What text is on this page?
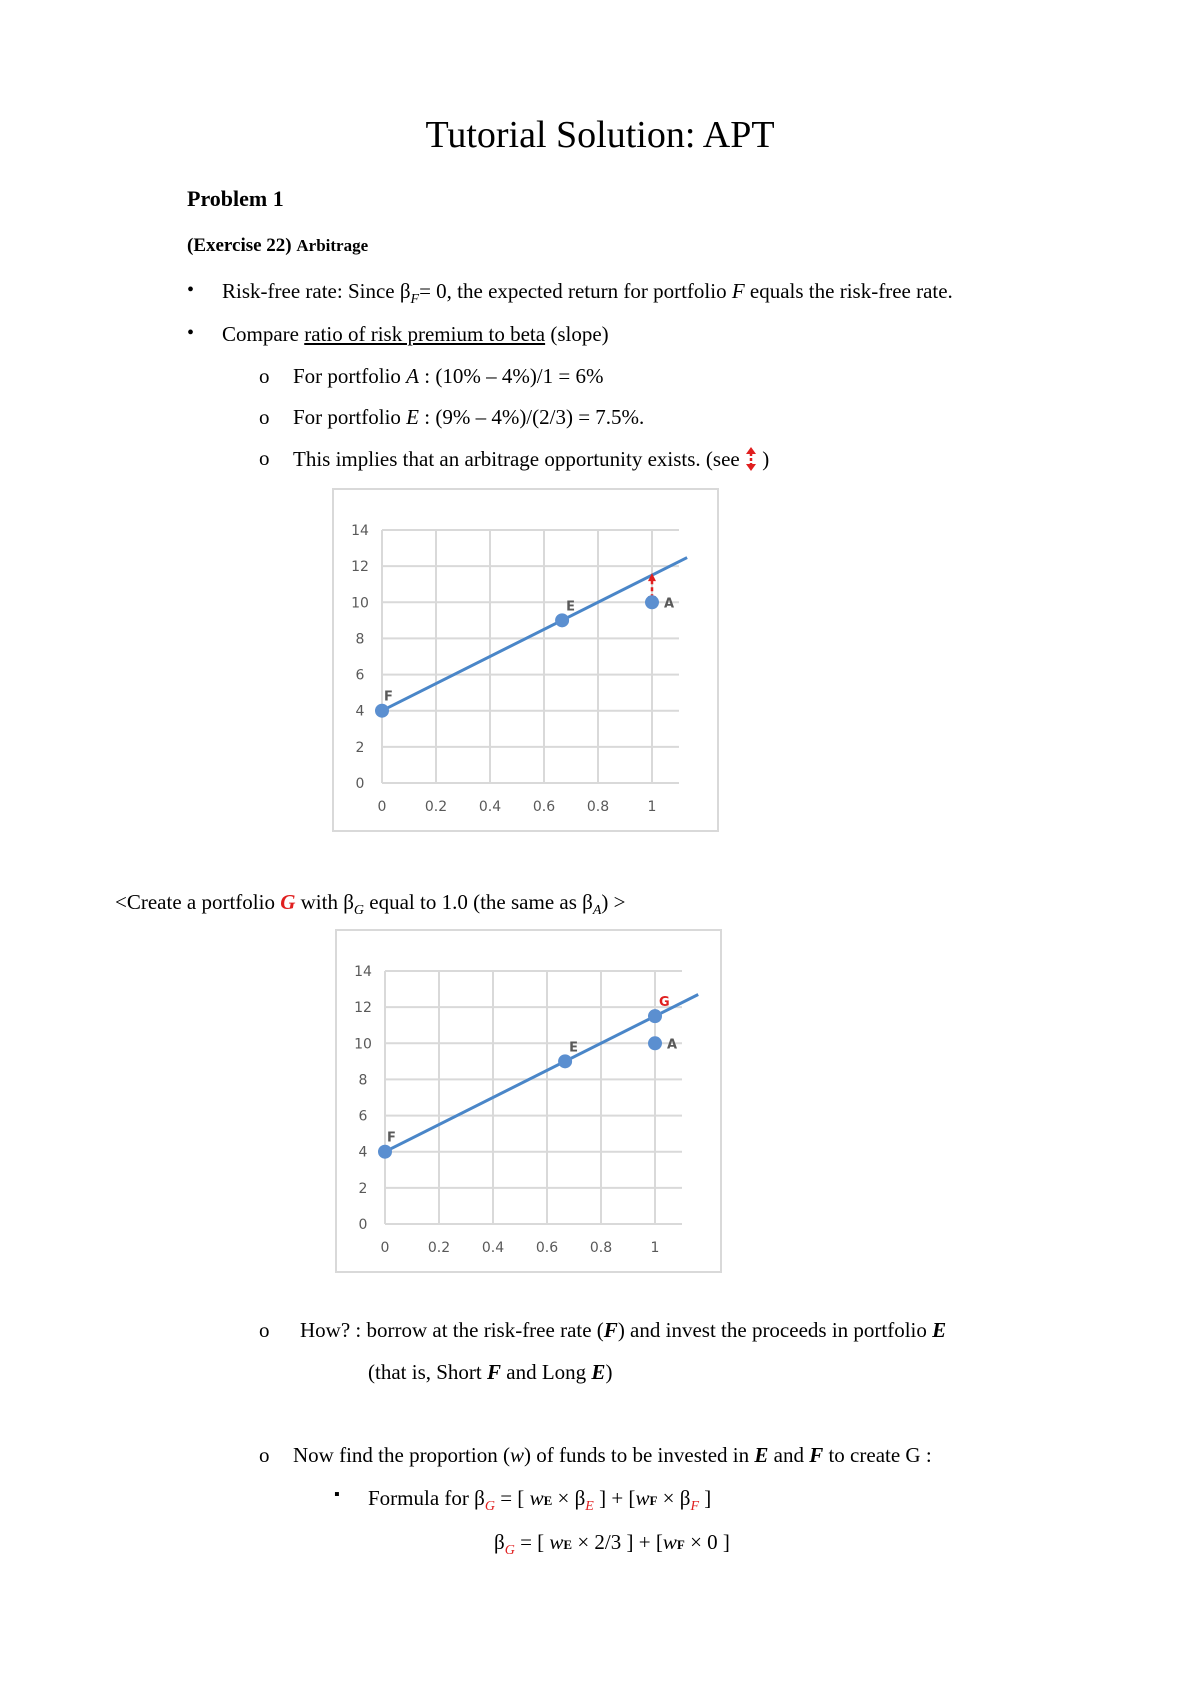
Tutorial Solution: APT
Problem 1
(Exercise 22) Arbitrage
• Risk-free rate: Since $\beta_F= 0$, the expected return for portfolio F equals the risk-free rate.
• Compare ratio of risk premium to beta (slope)
o For portfolio A : (10% – 4%)/1 = 6%
o For portfolio E : (9% – 4%)/(2/3) = 7.5%.
o This implies that an arbitrage opportunity exists. (see  )
0
2
4
6
8
10
12
14
0	0.2 0.4 0.6 0.8	1
F
E	A
<Create a portfolio G with $\beta_G$ equal to 1.0 (the same as $\beta_A$) >
0
2
4
6
8
10
12
14
0	0.2 0.4 0.6 0.8	1
F
E	A
G
o How? : borrow at the risk-free rate (F) and invest the proceeds in portfolio E
(that is, Short F and Long E)
o Now find the proportion (w) of funds to be invested in E and F to create G :
▪ Formula for $\beta_G$ = [ wE × $\beta_E$ ] + [$wF \times \beta_F$ ]
$\beta_G$ = [ wE × 2/3 ] + [wF × 0 ]
